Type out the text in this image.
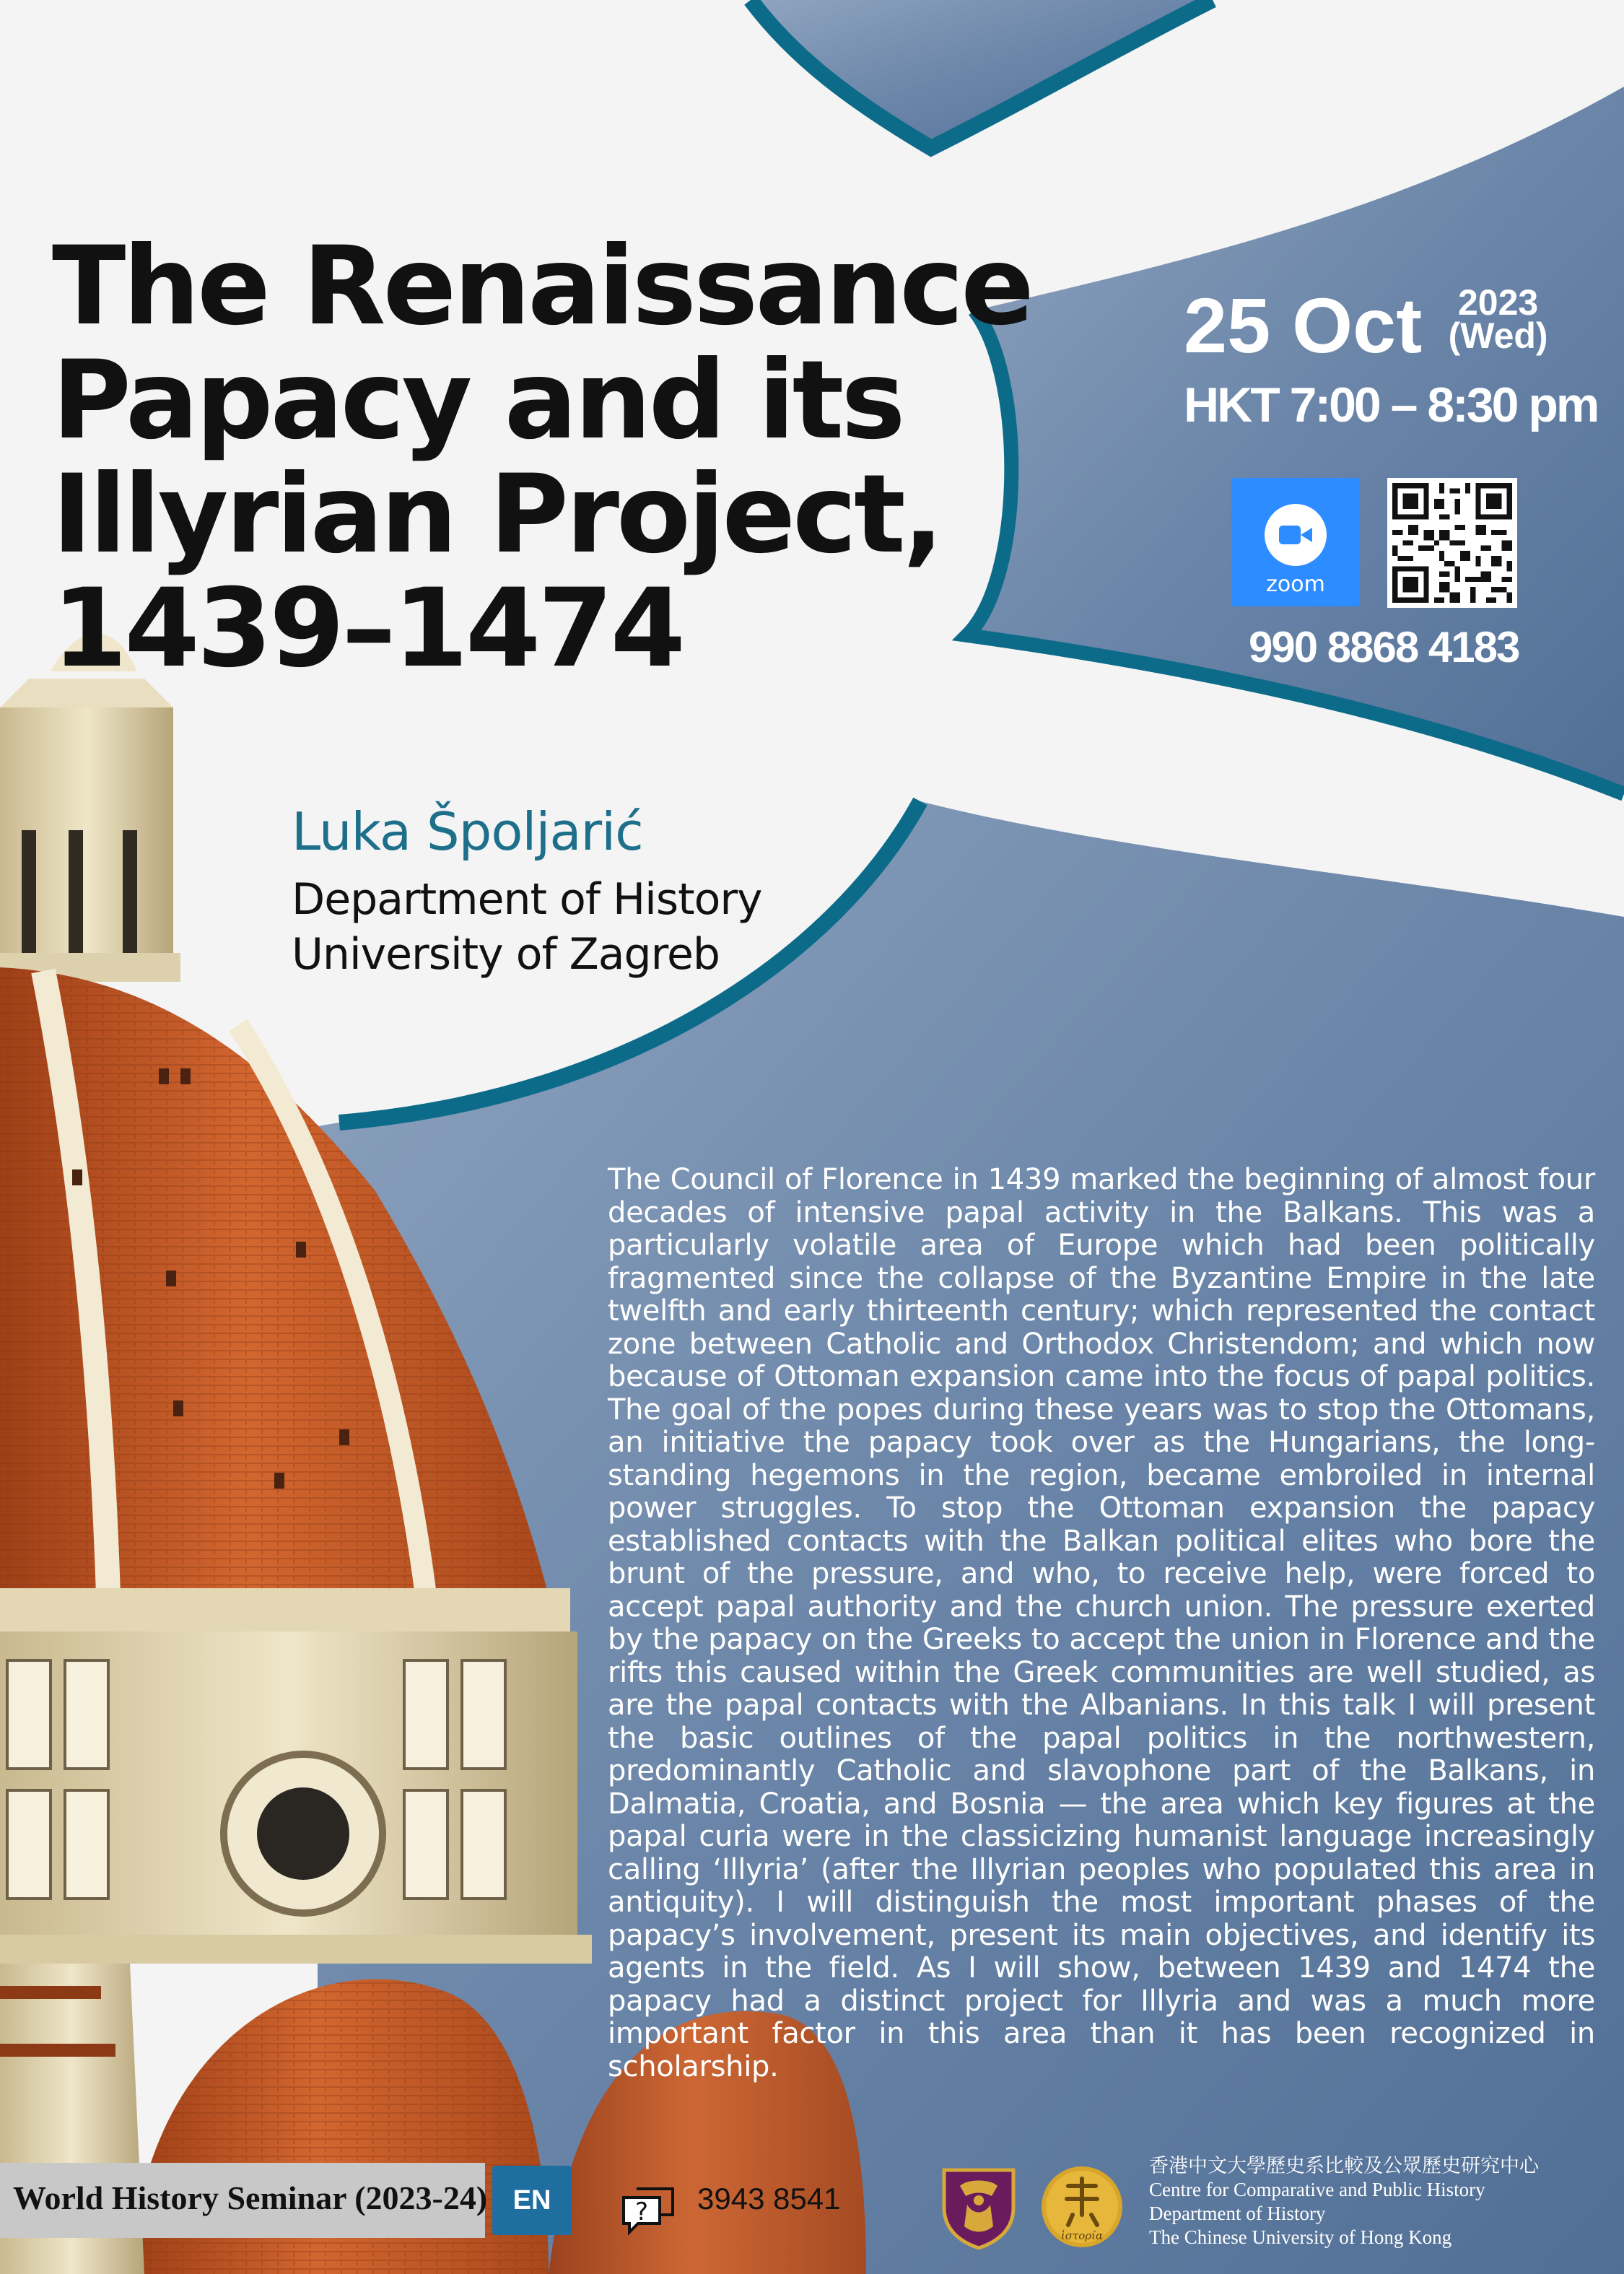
The Renaissance
Papacy and its
Illyrian Project,
1439–1474
Luka Špoljarić
Department of History
University of Zagreb
25 Oct 2023
(Wed)
HKT 7:00 – 8:30 pm
zoom
990 8868 4183

The Council of Florence in 1439 marked the beginning of almost four decades of intensive papal activity in the Balkans. This was a particularly volatile area of Europe which had been politically fragmented since the collapse of the Byzantine Empire in the late twelfth and early thirteenth century; which represented the contact zone between Catholic and Orthodox Christendom; and which now because of Ottoman expansion came into the focus of papal politics. The goal of the popes during these years was to stop the Ottomans, an initiative the papacy took over as the Hungarians, the long-standing hegemons in the region, became embroiled in internal power struggles. To stop the Ottoman expansion the papacy established contacts with the Balkan political elites who bore the brunt of the pressure, and who, to receive help, were forced to accept papal authority and the church union. The pressure exerted by the papacy on the Greeks to accept the union in Florence and the rifts this caused within the Greek communities are well studied, as are the papal contacts with the Albanians. In this talk I will present the basic outlines of the papal politics in the northwestern, predominantly Catholic and slavophone part of the Balkans, in Dalmatia, Croatia, and Bosnia — the area which key figures at the papal curia were in the classicizing humanist language increasingly calling ‘Illyria’ (after the Illyrian peoples who populated this area in antiquity). I will distinguish the most important phases of the papacy’s involvement, present its main objectives, and identify its agents in the field. As I will show, between 1439 and 1474 the papacy had a distinct project for Illyria and was a much more important factor in this area than it has been recognized in scholarship.

World History Seminar (2023-24) EN	? 3943 8541
ἱστορία
香港中文大學歷史系比較及公眾歷史研究中心
Centre for Comparative and Public History
Department of History
The Chinese University of Hong Kong
